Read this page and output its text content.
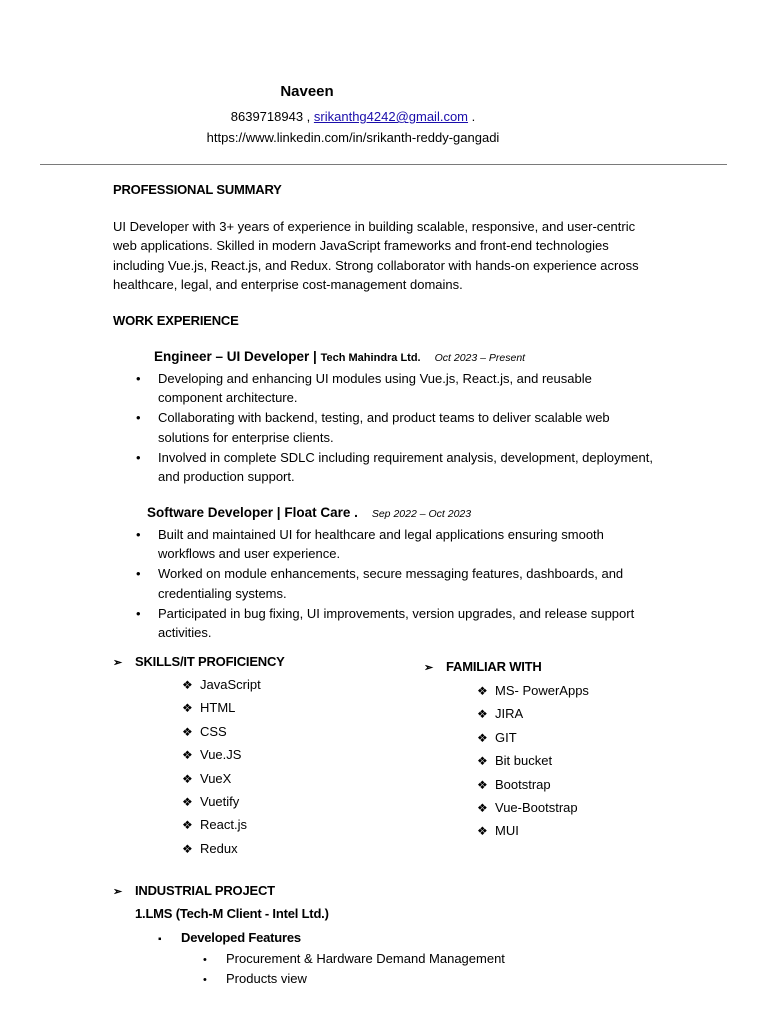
Naveen
8639718943 , srikanthg4242@gmail.com .
https://www.linkedin.com/in/srikanth-reddy-gangadi
PROFESSIONAL SUMMARY
UI Developer with 3+ years of experience in building scalable, responsive, and user-centric web applications. Skilled in modern JavaScript frameworks and front-end technologies including Vue.js, React.js, and Redux. Strong collaborator with hands-on experience across healthcare, legal, and enterprise cost-management domains.
WORK EXPERIENCE
Engineer – UI Developer | Tech Mahindra Ltd. Oct 2023 – Present
• Developing and enhancing UI modules using Vue.js, React.js, and reusable component architecture.
• Collaborating with backend, testing, and product teams to deliver scalable web solutions for enterprise clients.
• Involved in complete SDLC including requirement analysis, development, deployment, and production support.
Software Developer | Float Care . Sep 2022 – Oct 2023
• Built and maintained UI for healthcare and legal applications ensuring smooth workflows and user experience.
• Worked on module enhancements, secure messaging features, dashboards, and credentialing systems.
• Participated in bug fixing, UI improvements, version upgrades, and release support activities.
➢ SKILLS/IT PROFICIENCY
❖ JavaScript
❖ HTML
❖ CSS
❖ Vue.JS
❖ VueX
❖ Vuetify
❖ React.js
❖ Redux
➢ FAMILIAR WITH
❖ MS- PowerApps
❖ JIRA
❖ GIT
❖ Bit bucket
❖ Bootstrap
❖ Vue-Bootstrap
❖ MUI
➢ INDUSTRIAL PROJECT
1.LMS (Tech-M Client - Intel Ltd.)
▪ Developed Features
• Procurement & Hardware Demand Management
• Products view
